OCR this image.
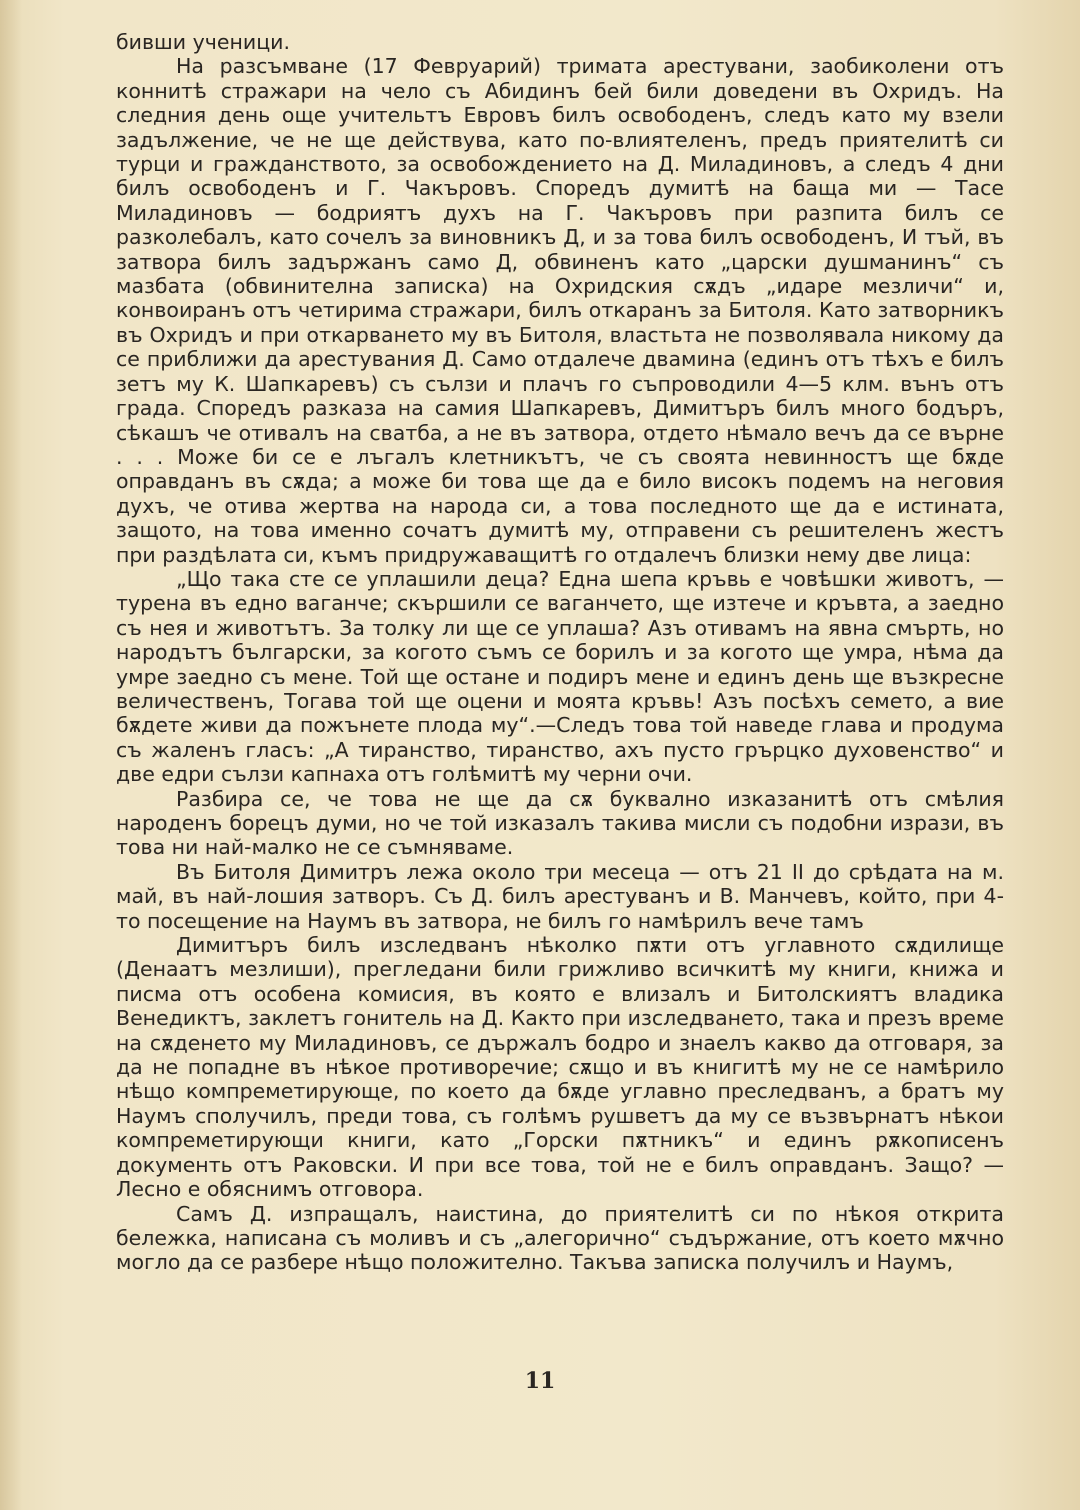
бивши ученици.

На разсъмване (17 Февруарий) тримата арестувани, заобиколени отъ коннитѣ стражари на чело съ Абидинъ бей били доведени въ Охридъ. На следния день още учительтъ Евровъ билъ освободенъ, следъ като му взели задължение, че не ще действува, като по-влиятеленъ, предъ приятелитѣ си турци и гражданството, за освобождението на Д. Миладиновъ, а следъ 4 дни билъ освободенъ и Г. Чакъровъ. Споредъ думитѣ на баща ми — Тасе Миладиновъ — бодриятъ духъ на Г. Чакъровъ при разпита билъ се разколебалъ, като сочелъ за виновникъ Д, и за това билъ освободенъ, И тъй, въ затвора билъ задържанъ само Д, обвиненъ като „царски душманинъ“ съ мазбата (обвинителна записка) на Охридския сѫдъ „идаре мезличи“ и, конвоиранъ отъ четирима стражари, билъ откаранъ за Битоля. Като затворникъ въ Охридъ и при откарването му въ Битоля, властьта не позволявала никому да се приближи да арестувания Д. Само отдалече двамина (единъ отъ тѣхъ е билъ зетъ му К. Шапкаревъ) съ сълзи и плачъ го съпроводили 4—5 клм. вънъ отъ града. Споредъ разказа на самия Шапкаревъ, Димитъръ билъ много бодъръ, сѣкашъ че отивалъ на сватба, а не въ затвора, отдето нѣмало вечъ да се върне . . . Може би се е лъгалъ клетникътъ, че съ своята невинностъ ще бѫде оправданъ въ сѫда; а може би това ще да е било високъ подемъ на неговия духъ, че отива жертва на народа си, а това последното ще да е истината, защото, на това именно сочатъ думитѣ му, отправени съ решителенъ жестъ при раздѣлата си, къмъ придружаващитѣ го отдалечъ близки нему две лица:

„Що така сте се уплашили деца? Една шепа кръвь е човѣшки животъ, — турена въ едно ваганче; скършили се ваганчето, ще изтече и кръвта, а заедно съ нея и животътъ. За толку ли ще се уплаша? Азъ отивамъ на явна смърть, но народътъ български, за когото съмъ се борилъ и за когото ще умра, нѣма да умре заедно съ мене. Той ще остане и подиръ мене и единъ день ще възкресне величественъ, Тогава той ще оцени и моята кръвь! Азъ посѣхъ семето, а вие бѫдете живи да пожънете плода му“.—Следъ това той наведе глава и продума съ жаленъ гласъ: „А тиранство, тиранство, ахъ пусто грърцко духовенство“ и две едри сълзи капнаха отъ голѣмитѣ му черни очи.

Разбира се, че това не ще да сѫ буквално изказанитѣ отъ смѣлия народенъ борецъ думи, но че той изказалъ такива мисли съ подобни изрази, въ това ни най-малко не се съмняваме.

Въ Битоля Димитръ лежа около три месеца — отъ 21 II до срѣдата на м. май, въ най-лошия затворъ. Съ Д. билъ арестуванъ и В. Манчевъ, който, при 4-то посещение на Наумъ въ затвора, не билъ го намѣрилъ вече тамъ

Димитъръ билъ изследванъ нѣколко пѫти отъ углавното сѫдилище (Денаатъ мезлиши), прегледани били грижливо всичкитѣ му книги, книжа и писма отъ особена комисия, въ която е влизалъ и Битолскиятъ владика Венедиктъ, заклетъ гонитель на Д. Както при изследването, така и презъ време на сѫденето му Миладиновъ, се държалъ бодро и знаелъ какво да отговаря, за да не попадне въ нѣкое противоречие; сѫщо и въ книгитѣ му не се намѣрило нѣщо компреметирующе, по което да бѫде углавно преследванъ, а братъ му Наумъ сполучилъ, преди това, съ голѣмъ рушветъ да му се възвърнатъ нѣкои компреметирующи книги, като „Горски пѫтникъ“ и единъ рѫкописенъ документь отъ Раковски. И при все това, той не е билъ оправданъ. Защо? — Лесно е обяснимъ отговора.

Самъ Д. изпращалъ, наистина, до приятелитѣ си по нѣкоя открита бележка, написана съ моливъ и съ „алегорично“ съдържание, отъ което мѫчно могло да се разбере нѣщо положително. Такъва записка получилъ и Наумъ,

11
